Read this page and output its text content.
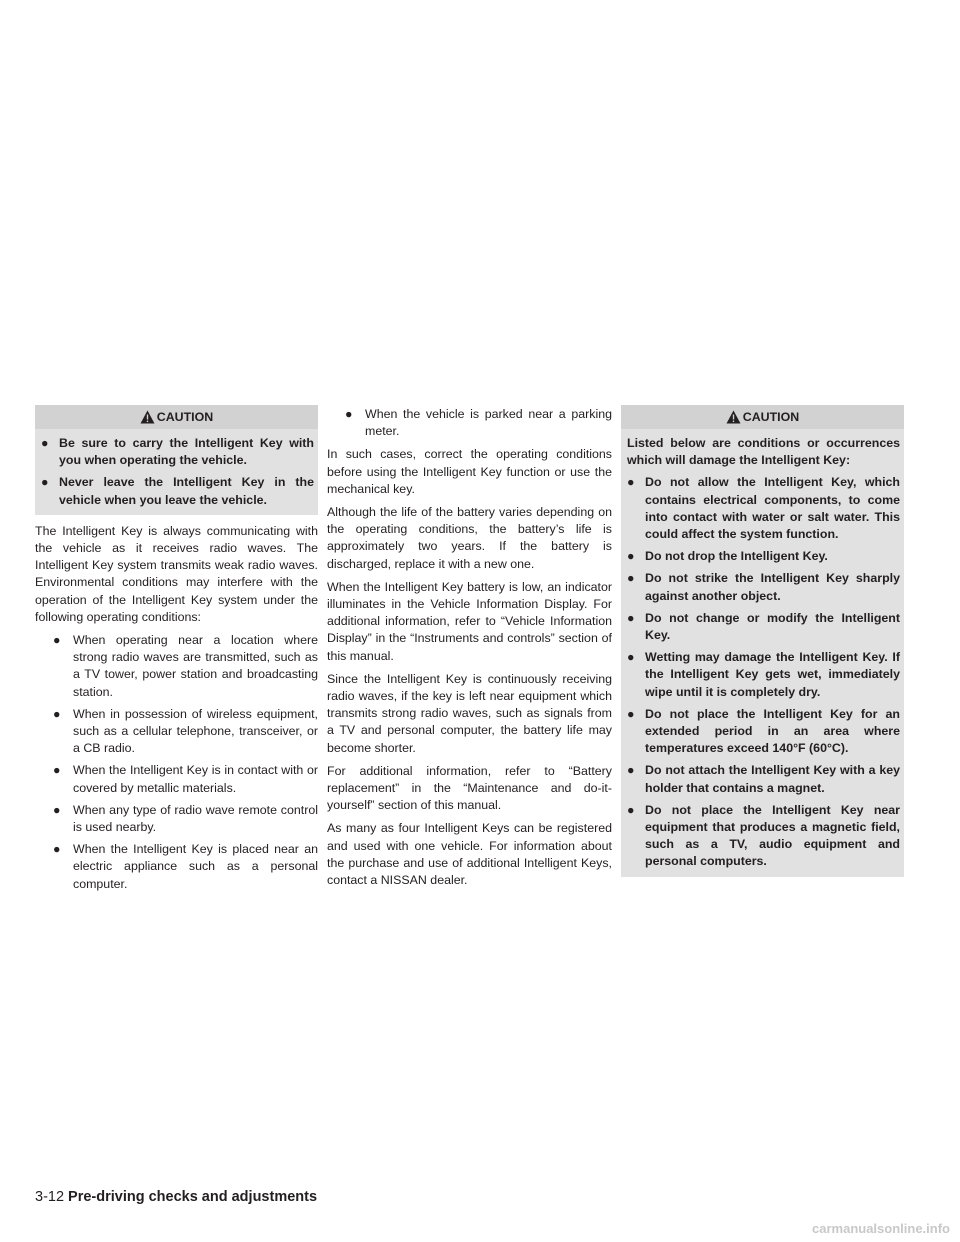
CAUTION
● Be sure to carry the Intelligent Key with you when operating the vehicle.
● Never leave the Intelligent Key in the vehicle when you leave the vehicle.

The Intelligent Key is always communicating with the vehicle as it receives radio waves. The Intelligent Key system transmits weak radio waves. Environmental conditions may interfere with the operation of the Intelligent Key system under the following operating conditions:

● When operating near a location where strong radio waves are transmitted, such as a TV tower, power station and broadcasting station.
● When in possession of wireless equipment, such as a cellular telephone, transceiver, or a CB radio.
● When the Intelligent Key is in contact with or covered by metallic materials.
● When any type of radio wave remote control is used nearby.
● When the Intelligent Key is placed near an electric appliance such as a personal computer.
● When the vehicle is parked near a parking meter.

In such cases, correct the operating conditions before using the Intelligent Key function or use the mechanical key.

Although the life of the battery varies depending on the operating conditions, the battery’s life is approximately two years. If the battery is discharged, replace it with a new one.

When the Intelligent Key battery is low, an indicator illuminates in the Vehicle Information Display. For additional information, refer to “Vehicle Information Display” in the “Instruments and controls” section of this manual.

Since the Intelligent Key is continuously receiving radio waves, if the key is left near equipment which transmits strong radio waves, such as signals from a TV and personal computer, the battery life may become shorter.

For additional information, refer to “Battery replacement” in the “Maintenance and do-it-yourself” section of this manual.

As many as four Intelligent Keys can be registered and used with one vehicle. For information about the purchase and use of additional Intelligent Keys, contact a NISSAN dealer.

CAUTION

Listed below are conditions or occurrences which will damage the Intelligent Key:

● Do not allow the Intelligent Key, which contains electrical components, to come into contact with water or salt water. This could affect the system function.
● Do not drop the Intelligent Key.
● Do not strike the Intelligent Key sharply against another object.
● Do not change or modify the Intelligent Key.
● Wetting may damage the Intelligent Key. If the Intelligent Key gets wet, immediately wipe until it is completely dry.
● Do not place the Intelligent Key for an extended period in an area where temperatures exceed 140°F (60°C).
● Do not attach the Intelligent Key with a key holder that contains a magnet.
● Do not place the Intelligent Key near equipment that produces a magnetic field, such as a TV, audio equipment and personal computers.
3-12 Pre-driving checks and adjustments
carmanualsonline.info
